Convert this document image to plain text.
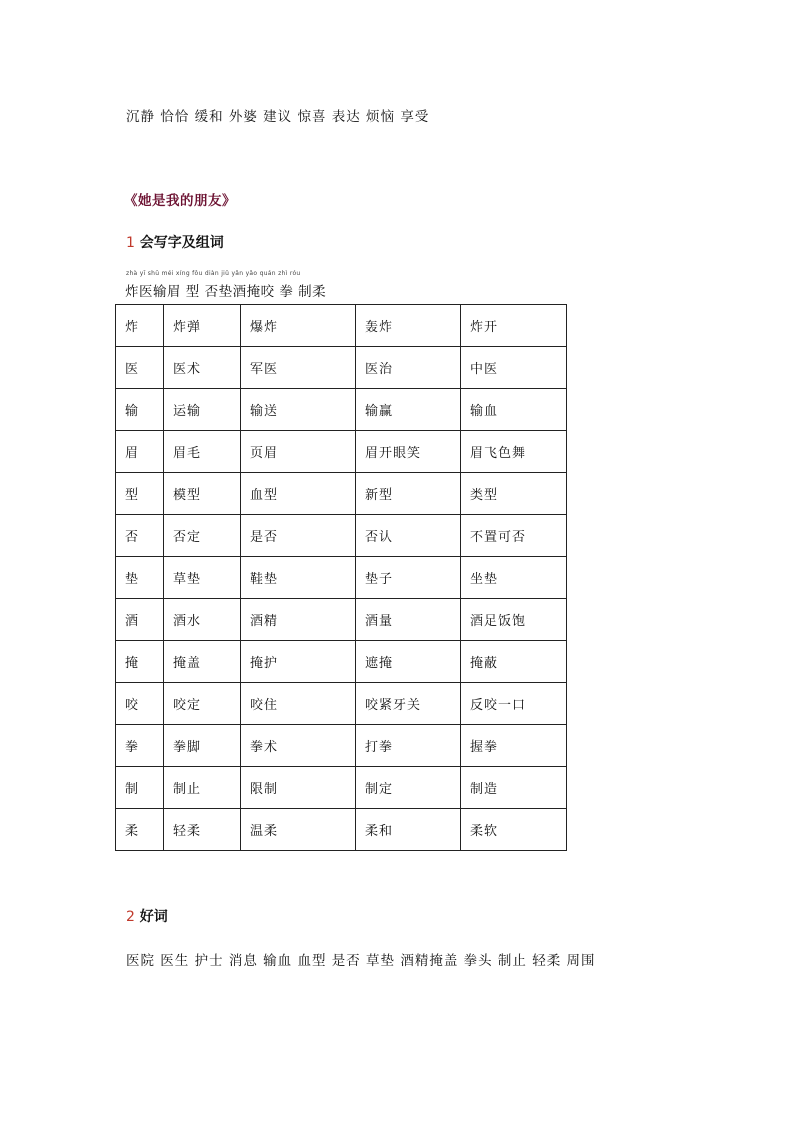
沉静 恰恰 缓和 外婆 建议 惊喜 表达 烦恼 享受
《她是我的朋友》
1 会写字及组词
zhà yī shū méi xíng fǒu diàn jiǔ yǎn yǎo quán zhì róu
炸医输眉 型 否垫酒掩咬 拳 制柔
炸	炸弹	爆炸	轰炸	炸开
医	医术	军医	医治	中医
输	运输	输送	输赢	输血
眉	眉毛	页眉	眉开眼笑	眉飞色舞
型	模型	血型	新型	类型
否	否定	是否	否认	不置可否
垫	草垫	鞋垫	垫子	坐垫
酒	酒水	酒精	酒量	酒足饭饱
掩	掩盖	掩护	遮掩	掩蔽
咬	咬定	咬住	咬紧牙关	反咬一口
拳	拳脚	拳术	打拳	握拳
制	制止	限制	制定	制造
柔	轻柔	温柔	柔和	柔软
2 好词
医院 医生 护士 消息 输血 血型 是否 草垫 酒精掩盖 拳头 制止 轻柔 周围
